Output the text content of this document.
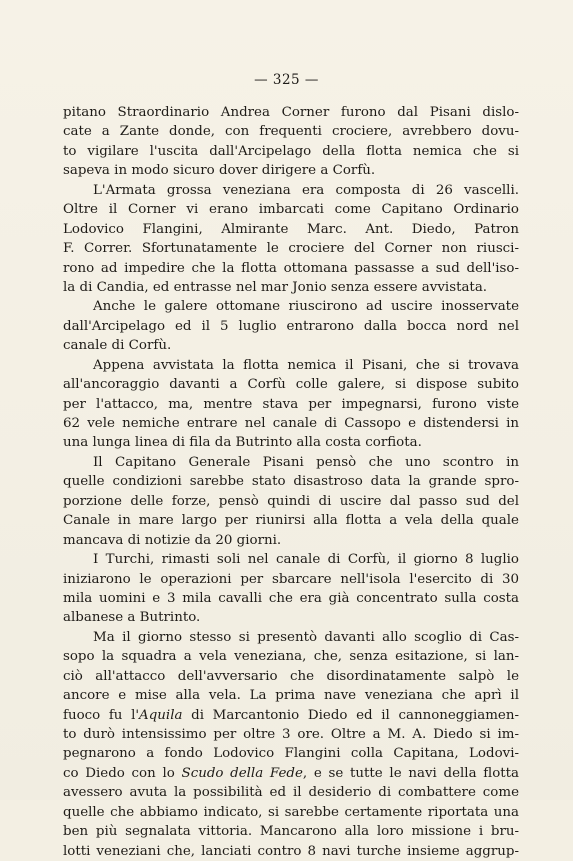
— 325 —
pitano Straordinario Andrea Corner furono dal Pisani dislo-
cate a Zante donde, con frequenti crociere, avrebbero dovu-
to vigilare l'uscita dall'Arcipelago della flotta nemica che si
sapeva in modo sicuro dover dirigere a Corfù.
L'Armata grossa veneziana era composta di 26 vascelli.
Oltre il Corner vi erano imbarcati come Capitano Ordinario
Lodovico Flangini, Almirante Marc. Ant. Diedo, Patron
F. Correr. Sfortunatamente le crociere del Corner non riusci-
rono ad impedire che la flotta ottomana passasse a sud dell'iso-
la di Candia, ed entrasse nel mar Jonio senza essere avvistata.
Anche le galere ottomane riuscirono ad uscire inosservate
dall'Arcipelago ed il 5 luglio entrarono dalla bocca nord nel
canale di Corfù.
Appena avvistata la flotta nemica il Pisani, che si trovava
all'ancoraggio davanti a Corfù colle galere, si dispose subito
per l'attacco, ma, mentre stava per impegnarsi, furono viste
62 vele nemiche entrare nel canale di Cassopo e distendersi in
una lunga linea di fila da Butrinto alla costa corfiota.
Il Capitano Generale Pisani pensò che uno scontro in
quelle condizioni sarebbe stato disastroso data la grande spro-
porzione delle forze, pensò quindi di uscire dal passo sud del
Canale in mare largo per riunirsi alla flotta a vela della quale
mancava di notizie da 20 giorni.
I Turchi, rimasti soli nel canale di Corfù, il giorno 8 luglio
iniziarono le operazioni per sbarcare nell'isola l'esercito di 30
mila uomini e 3 mila cavalli che era già concentrato sulla costa
albanese a Butrinto.
Ma il giorno stesso si presentò davanti allo scoglio di Cas-
sopo la squadra a vela veneziana, che, senza esitazione, si lan-
ciò all'attacco dell'avversario che disordinatamente salpò le
ancore e mise alla vela. La prima nave veneziana che aprì il
fuoco fu l'Aquila di Marcantonio Diedo ed il cannoneggiamen-
to durò intensissimo per oltre 3 ore. Oltre a M. A. Diedo si im-
pegnarono a fondo Lodovico Flangini colla Capitana, Lodovi-
co Diedo con lo Scudo della Fede, e se tutte le navi della flotta
avessero avuta la possibilità ed il desiderio di combattere come
quelle che abbiamo indicato, si sarebbe certamente riportata una
ben più segnalata vittoria. Mancarono alla loro missione i bru-
lotti veneziani che, lanciati contro 8 navi turche insieme aggrup-
